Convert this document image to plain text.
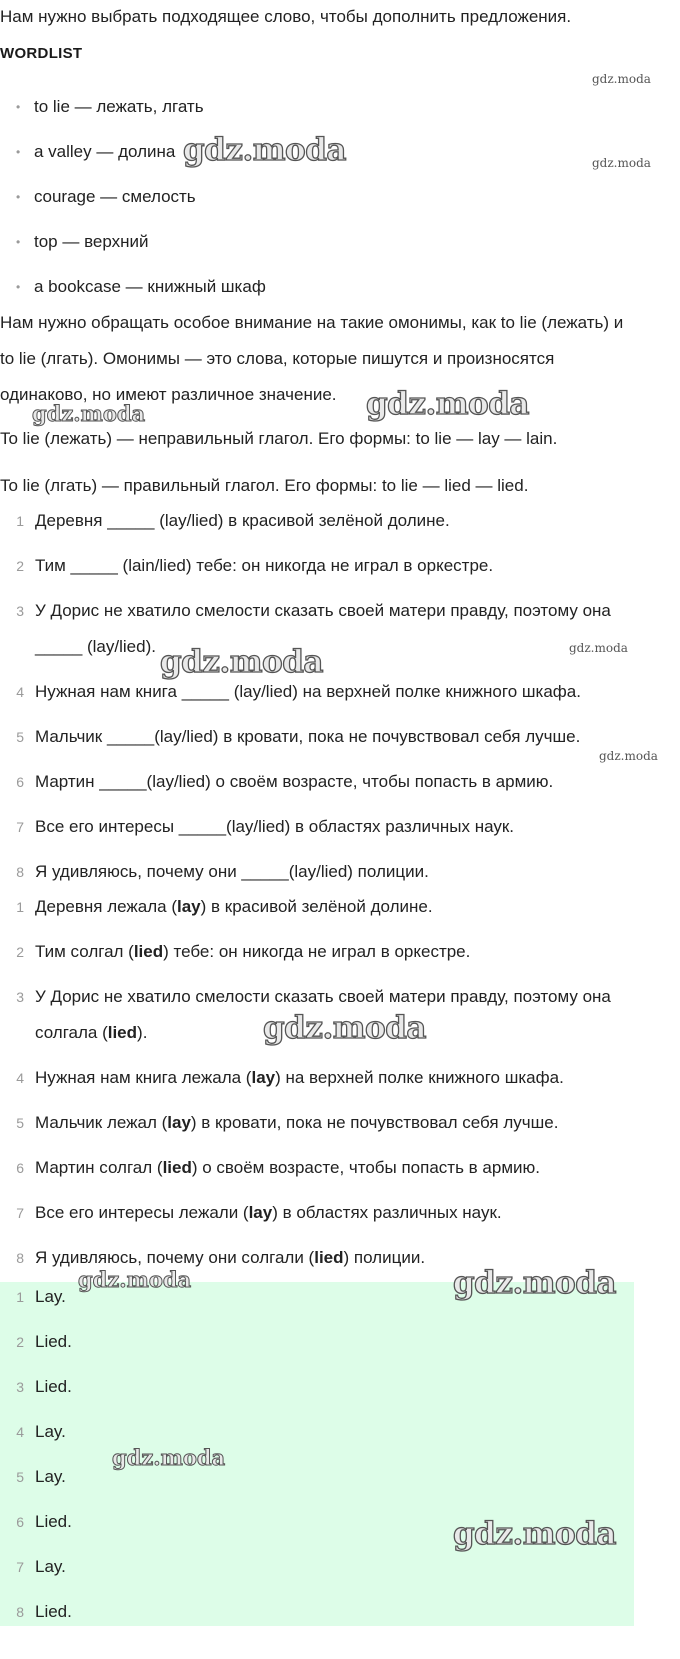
Нам нужно выбрать подходящее слово, чтобы дополнить предложения.
WORDLIST
• to lie — лежать, лгать
• a valley — долина
• courage — смелость
• top — верхний
• a bookcase — книжный шкаф
Нам нужно обращать особое внимание на такие омонимы, как to lie (лежать) и
to lie (лгать). Омонимы — это слова, которые пишутся и произносятся
одинаково, но имеют различное значение.
To lie (лежать) — неправильный глагол. Его формы: to lie — lay — lain.
To lie (лгать) — правильный глагол. Его формы: to lie — lied — lied.
1 Деревня _____ (lay/lied) в красивой зелёной долине.
2 Тим _____ (lain/lied) тебе: он никогда не играл в оркестре.
3 У Дорис не хватило смелости сказать своей матери правду, поэтому она
_____ (lay/lied).
4 Нужная нам книга _____ (lay/lied) на верхней полке книжного шкафа.
5 Мальчик _____(lay/lied) в кровати, пока не почувствовал себя лучше.
6 Мартин _____(lay/lied) о своём возрасте, чтобы попасть в армию.
7 Все его интересы _____(lay/lied) в областях различных наук.
8 Я удивляюсь, почему они _____(lay/lied) полиции.
1 Деревня лежала (lay) в красивой зелёной долине.
2 Тим солгал (lied) тебе: он никогда не играл в оркестре.
3 У Дорис не хватило смелости сказать своей матери правду, поэтому она
солгала (lied).
4 Нужная нам книга лежала (lay) на верхней полке книжного шкафа.
5 Мальчик лежал (lay) в кровати, пока не почувствовал себя лучше.
6 Мартин солгал (lied) о своём возрасте, чтобы попасть в армию.
7 Все его интересы лежали (lay) в областях различных наук.
8 Я удивляюсь, почему они солгали (lied) полиции.
1 Lay.
2 Lied.
3 Lied.
4 Lay.
5 Lay.
6 Lied.
7 Lay.
8 Lied.
gdz.moda
gdz.moda	gdz.moda
gdz.moda	gdz.moda
gdz.moda	gdz.moda
gdz.moda
gdz.moda
gdz.moda	gdz.moda
gdz.moda
gdz.moda
